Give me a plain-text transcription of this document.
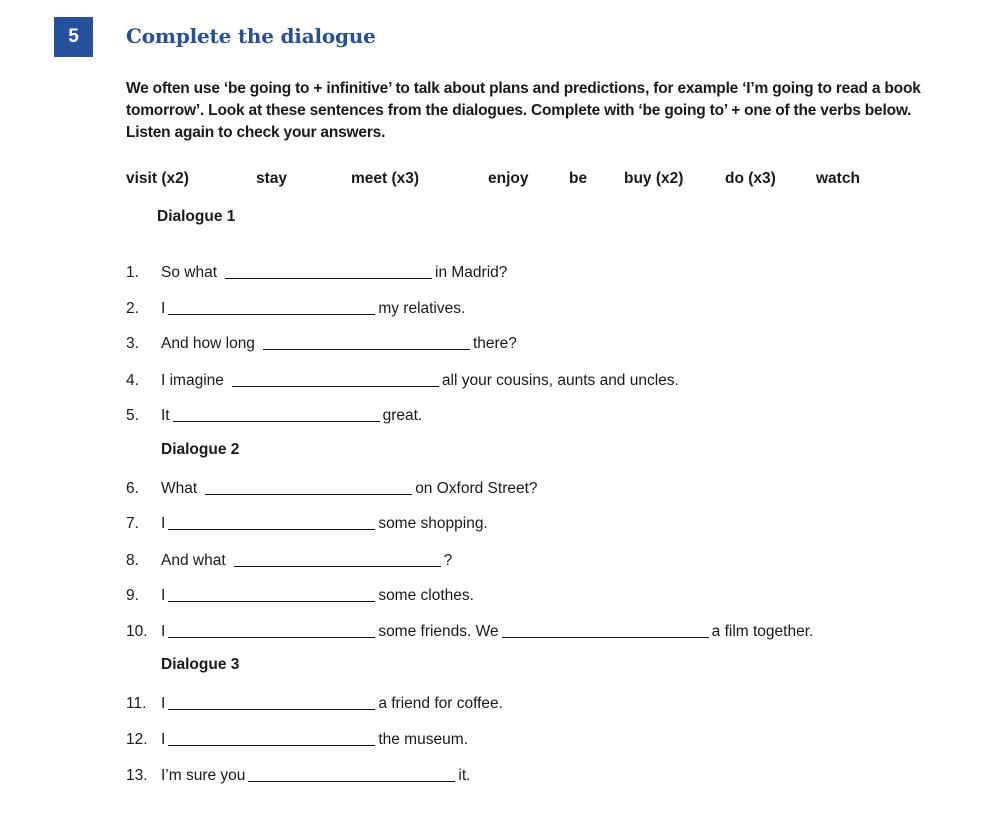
5	Complete the dialogue
We often use ‘be going to + infinitive’ to talk about plans and predictions, for example ‘I’m going to read a book tomorrow’. Look at these sentences from the dialogues. Complete with ‘be going to’ + one of the verbs below. Listen again to check your answers.
visit (x2)	stay	meet (x3)	enjoy	be buy (x2)	do (x3)	watch
Dialogue 1
1.	So what	in Madrid?
2.	I	my relatives.
3.	And how long	there?
4.	I imagine	all your cousins, aunts and uncles.
5.	It	great.
Dialogue 2
6.	What	on Oxford Street?
7.	I	some shopping.
8.	And what	?
9.	I	some clothes.
10. I	some friends. We	a film together.
Dialogue 3
11. I	a friend for coffee.
12. I	the museum.
13. I’m sure you	it.
